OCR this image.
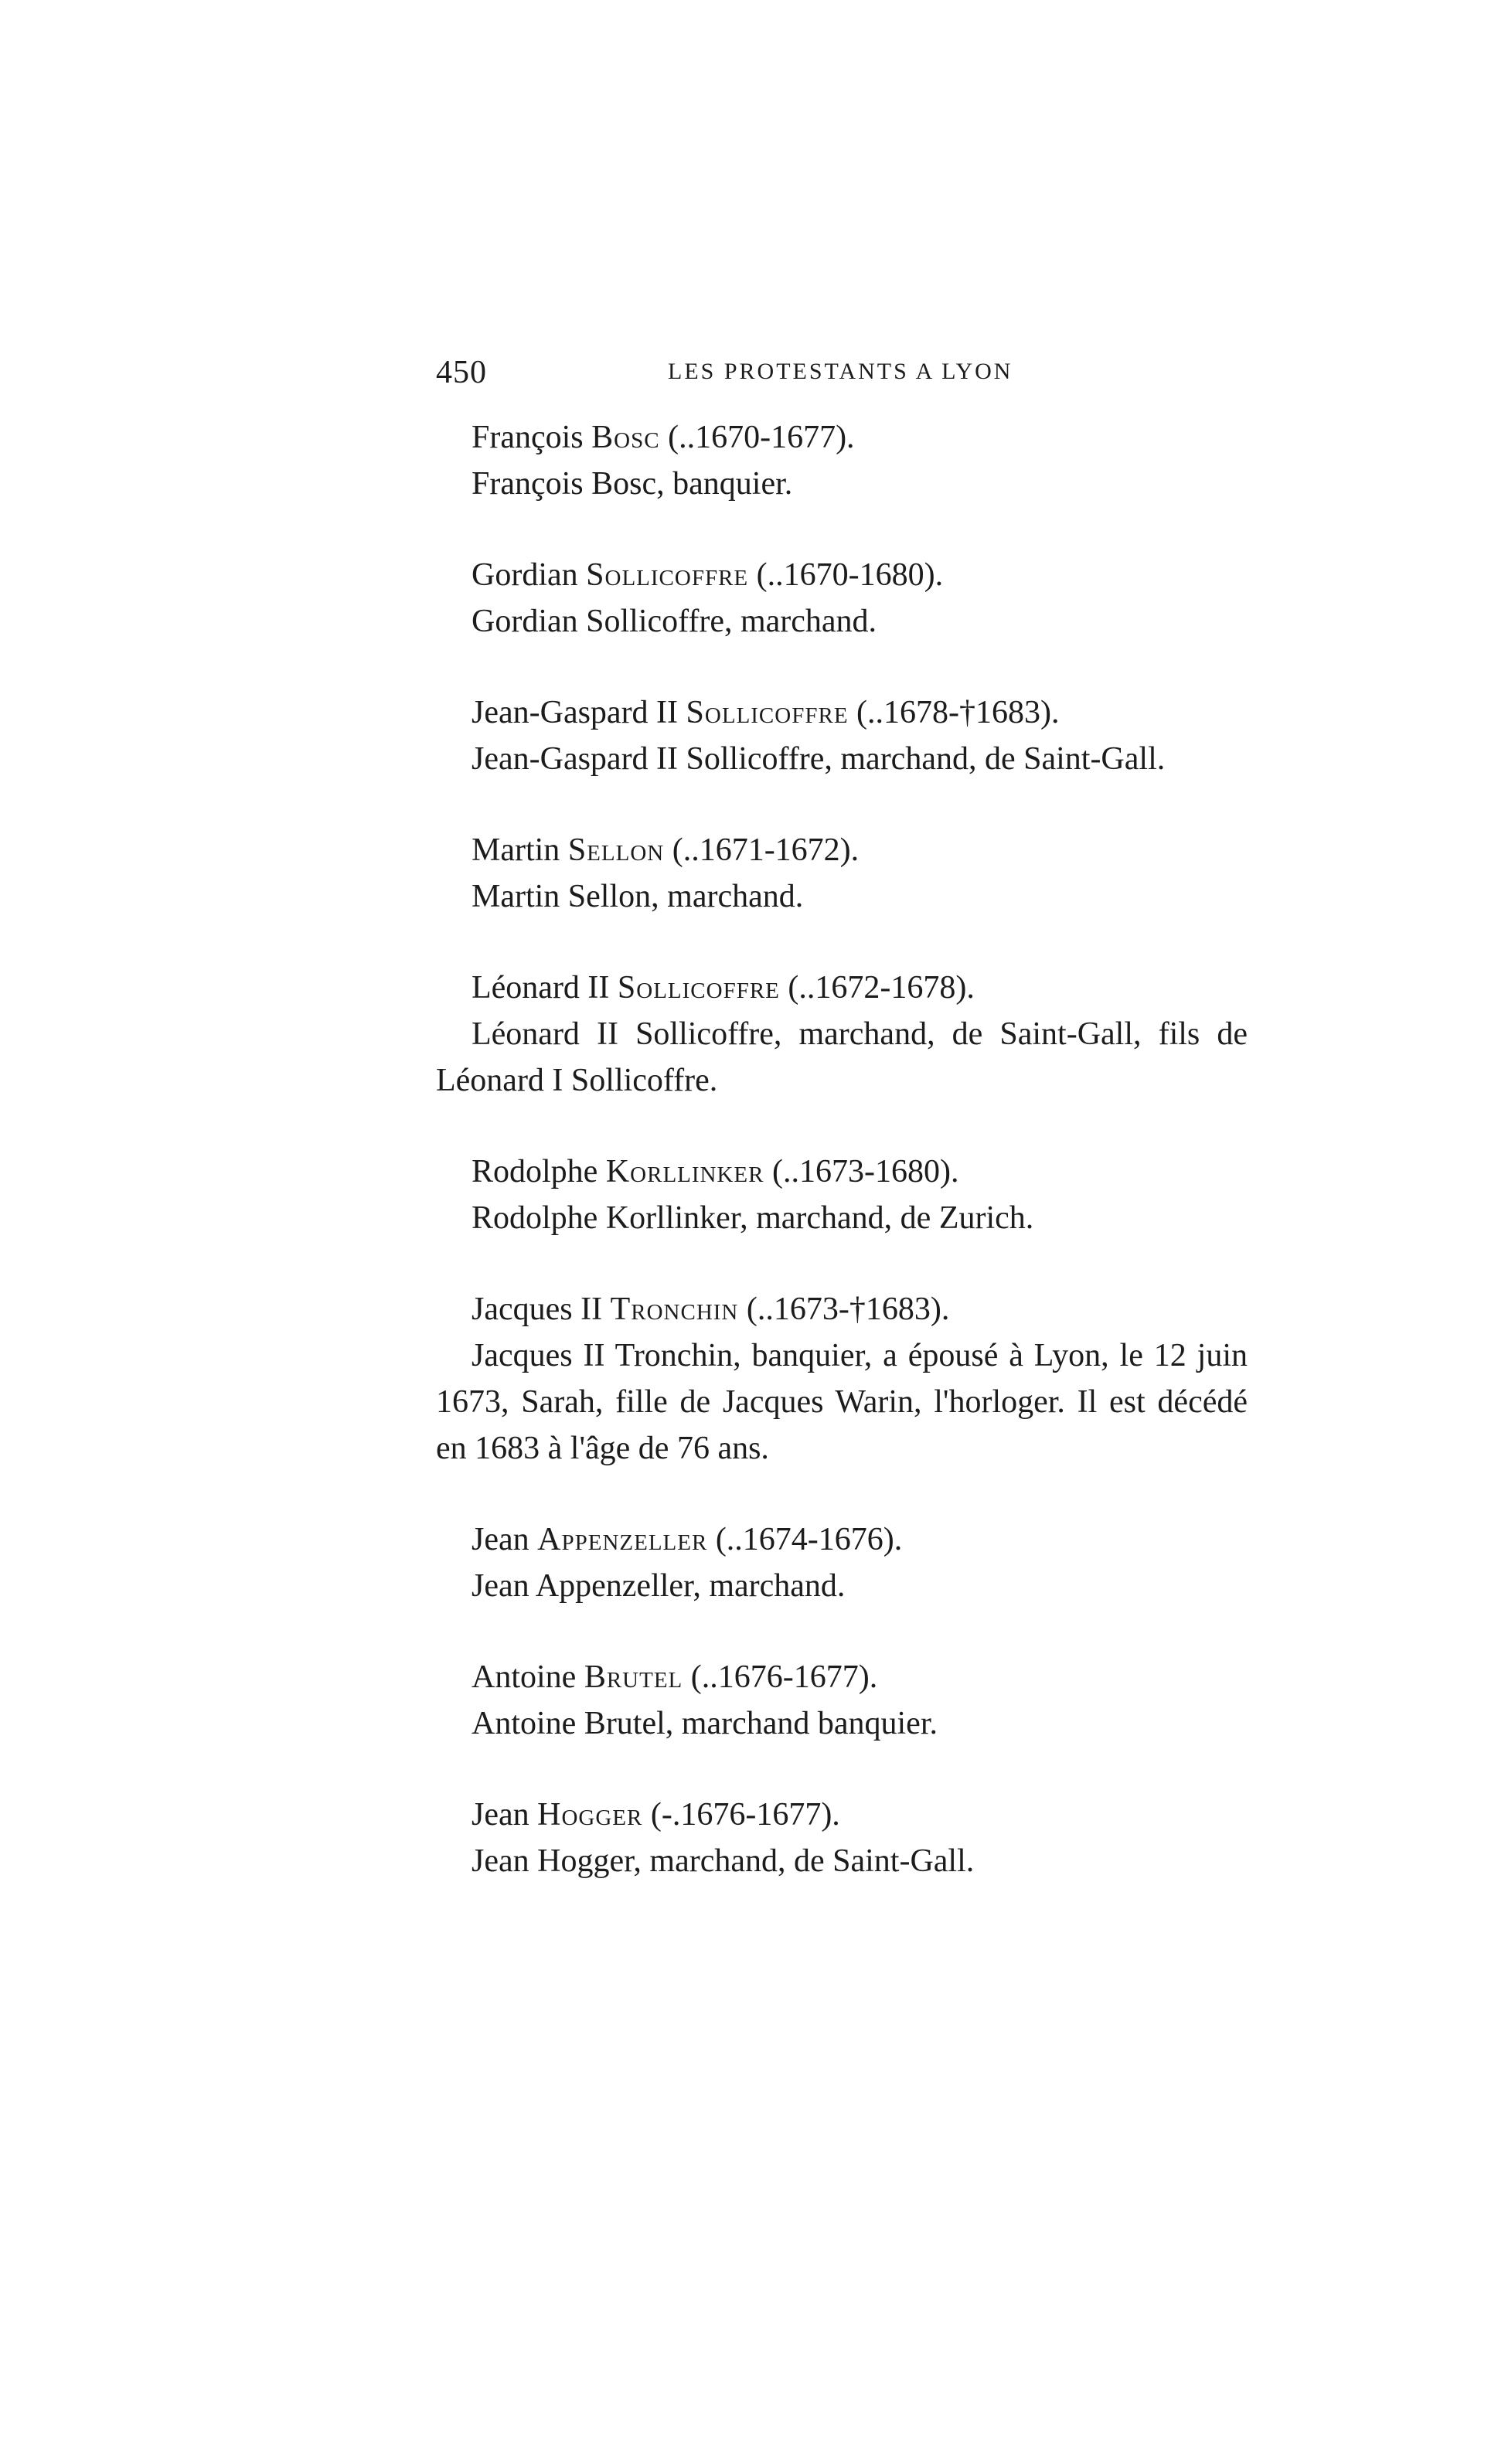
450	LES PROTESTANTS A LYON

François Bosc (..1670-1677).

François Bosc, banquier.

Gordian Sollicoffre (..1670-1680).

Gordian Sollicoffre, marchand.

Jean-Gaspard II Sollicoffre (..1678-†1683).

Jean-Gaspard II Sollicoffre, marchand, de Saint-Gall.

Martin Sellon (..1671-1672).

Martin Sellon, marchand.

Léonard II Sollicoffre (..1672-1678).

Léonard II Sollicoffre, marchand, de Saint-Gall, fils de Léonard I Sollicoffre.

Rodolphe Korllinker (..1673-1680).

Rodolphe Korllinker, marchand, de Zurich.

Jacques II Tronchin (..1673-†1683).

Jacques II Tronchin, banquier, a épousé à Lyon, le 12 juin 1673, Sarah, fille de Jacques Warin, l'horloger. Il est décédé en 1683 à l'âge de 76 ans.

Jean Appenzeller (..1674-1676).

Jean Appenzeller, marchand.

Antoine Brutel (..1676-1677).

Antoine Brutel, marchand banquier.

Jean Hogger (-.1676-1677).

Jean Hogger, marchand, de Saint-Gall.
